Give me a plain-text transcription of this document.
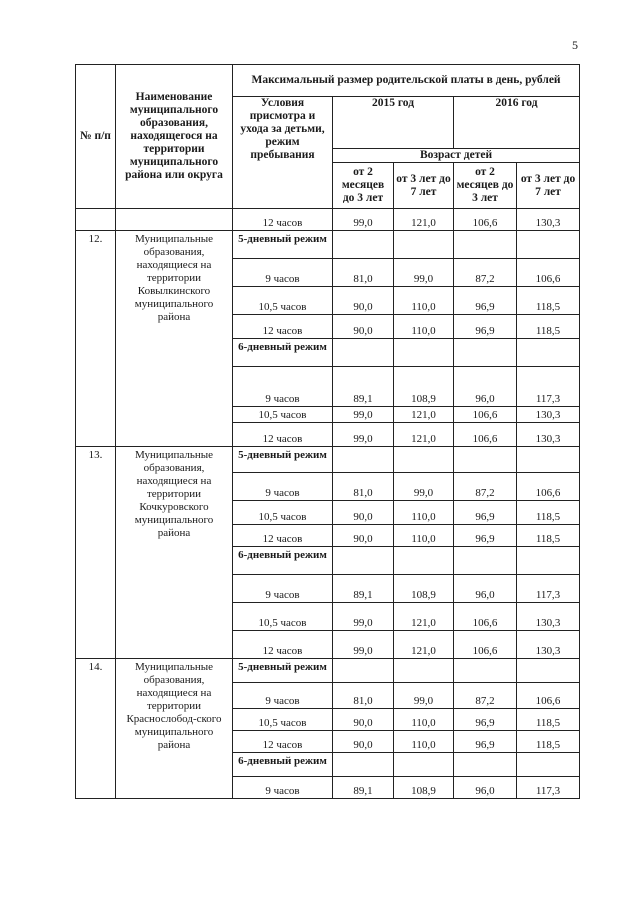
5
№ п/п	Наименование муниципального образования, находящегося на территории муниципального района или округа	Максимальный размер родительской платы в день, рублей				
		Условия присмотра и ухода за детьми, режим пребывания	2015 год		2016 год	
			Возраст детей			
			от 2 месяцев до 3 лет	от 3 лет до 7 лет	от 2 месяцев до 3 лет	от 3 лет до 7 лет
		12 часов	99,0	121,0	106,6	130,3
12.	Муниципальные образования, находящиеся на территории Ковылкинского муниципального района	5-дневный режим				
		9 часов	81,0	99,0	87,2	106,6
		10,5 часов	90,0	110,0	96,9	118,5
		12 часов	90,0	110,0	96,9	118,5
		6-дневный режим				
		9 часов	89,1	108,9	96,0	117,3
		10,5 часов	99,0	121,0	106,6	130,3
		12 часов	99,0	121,0	106,6	130,3
13.	Муниципальные образования, находящиеся на территории Кочкуровского муниципального района	5-дневный режим				
		9 часов	81,0	99,0	87,2	106,6
		10,5 часов	90,0	110,0	96,9	118,5
		12 часов	90,0	110,0	96,9	118,5
		6-дневный режим				
		9 часов	89,1	108,9	96,0	117,3
		10,5 часов	99,0	121,0	106,6	130,3
		12 часов	99,0	121,0	106,6	130,3
14.	Муниципальные образования, находящиеся на территории Краснослобод-ского муниципального района	5-дневный режим				
		9 часов	81,0	99,0	87,2	106,6
		10,5 часов	90,0	110,0	96,9	118,5
		12 часов	90,0	110,0	96,9	118,5
		6-дневный режим				
		9 часов	89,1	108,9	96,0	117,3
